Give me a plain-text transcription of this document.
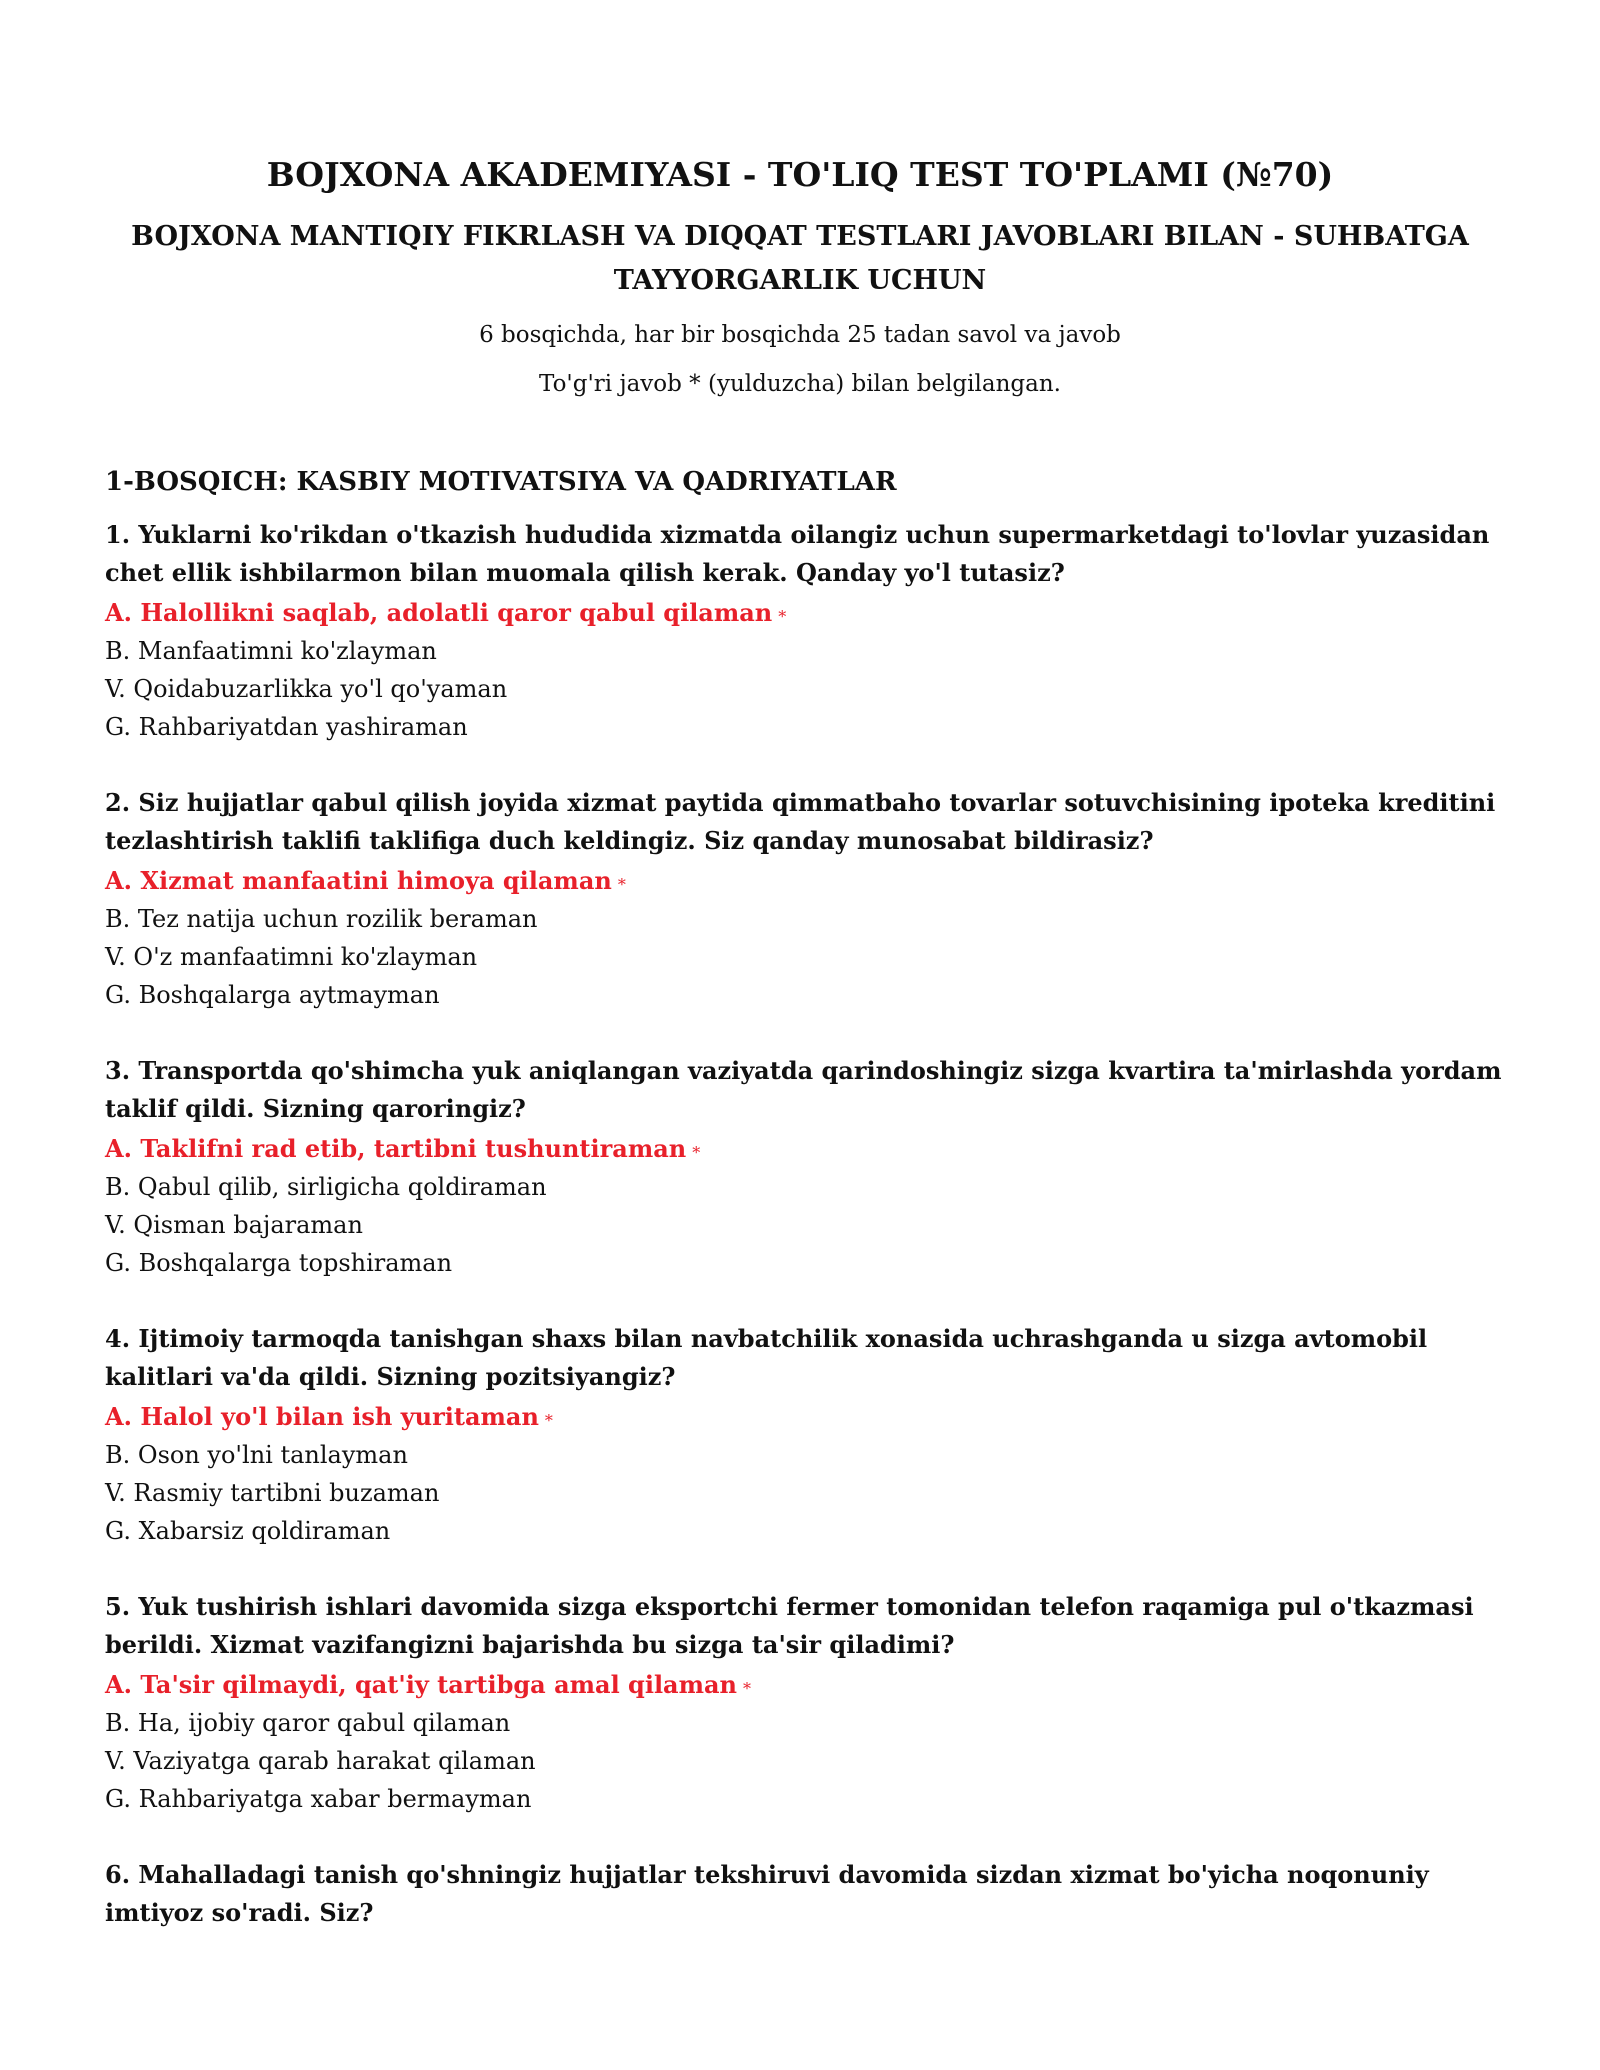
BOJXONA AKADEMIYASI - TO'LIQ TEST TO'PLAMI (№70)
BOJXONA MANTIQIY FIKRLASH VA DIQQAT TESTLARI JAVOBLARI BILAN - SUHBATGA TAYYORGARLIK UCHUN
6 bosqichda, har bir bosqichda 25 tadan savol va javob
To'g'ri javob * (yulduzcha) bilan belgilangan.
1-BOSQICH: KASBIY MOTIVATSIYA VA QADRIYATLAR
1. Yuklarni ko'rikdan o'tkazish hududida xizmatda oilangiz uchun supermarketdagi to'lovlar yuzasidan chet ellik ishbilarmon bilan muomala qilish kerak. Qanday yo'l tutasiz?
A. Halollikni saqlab, adolatli qaror qabul qilaman *
B. Manfaatimni ko'zlayman
V. Qoidabuzarlikka yo'l qo'yaman
G. Rahbariyatdan yashiraman
2. Siz hujjatlar qabul qilish joyida xizmat paytida qimmatbaho tovarlar sotuvchisining ipoteka kreditini tezlashtirish taklifi taklifiga duch keldingiz. Siz qanday munosabat bildirasiz?
A. Xizmat manfaatini himoya qilaman *
B. Tez natija uchun rozilik beraman
V. O'z manfaatimni ko'zlayman
G. Boshqalarga aytmayman
3. Transportda qo'shimcha yuk aniqlangan vaziyatda qarindoshingiz sizga kvartira ta'mirlashda yordam taklif qildi. Sizning qaroringiz?
A. Taklifni rad etib, tartibni tushuntiraman *
B. Qabul qilib, sirligicha qoldiraman
V. Qisman bajaraman
G. Boshqalarga topshiraman
4. Ijtimoiy tarmoqda tanishgan shaxs bilan navbatchilik xonasida uchrashganda u sizga avtomobil kalitlari va'da qildi. Sizning pozitsiyangiz?
A. Halol yo'l bilan ish yuritaman *
B. Oson yo'lni tanlayman
V. Rasmiy tartibni buzaman
G. Xabarsiz qoldiraman
5. Yuk tushirish ishlari davomida sizga eksportchi fermer tomonidan telefon raqamiga pul o'tkazmasi berildi. Xizmat vazifangizni bajarishda bu sizga ta'sir qiladimi?
A. Ta'sir qilmaydi, qat'iy tartibga amal qilaman *
B. Ha, ijobiy qaror qabul qilaman
V. Vaziyatga qarab harakat qilaman
G. Rahbariyatga xabar bermayman
6. Mahalladagi tanish qo'shningiz hujjatlar tekshiruvi davomida sizdan xizmat bo'yicha noqonuniy imtiyoz so'radi. Siz?
